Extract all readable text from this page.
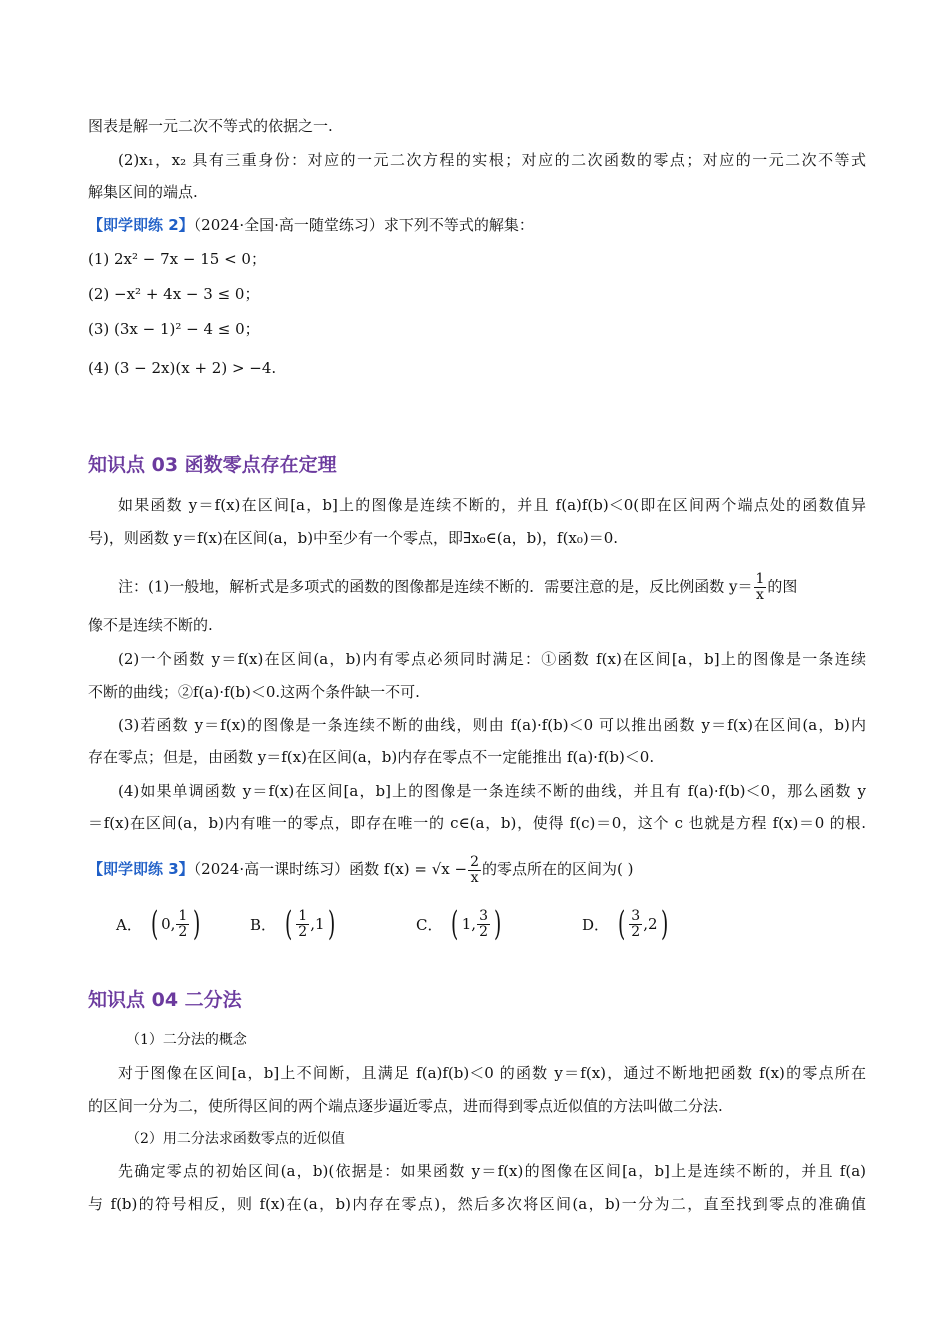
图表是解一元二次不等式的依据之一.
(2)x₁，x₂ 具有三重身份：对应的一元二次方程的实根；对应的二次函数的零点；对应的一元二次不等式
解集区间的端点.
【即学即练 2】（2024·全国·高一随堂练习）求下列不等式的解集：
(1) 2x² − 7x − 15 < 0；
(2) −x² + 4x − 3 ≤ 0；
(3) (3x − 1)² − 4 ≤ 0；
(4) (3 − 2x)(x + 2) > −4.
知识点 03 函数零点存在定理
如果函数 y＝f(x)在区间[a，b]上的图像是连续不断的，并且 f(a)f(b)＜0(即在区间两个端点处的函数值异
号)，则函数 y＝f(x)在区间(a，b)中至少有一个零点，即∃x₀∈(a，b)，f(x₀)＝0.
注：(1)一般地，解析式是多项式的函数的图像都是连续不断的．需要注意的是，反比例函数 $y= \frac{1}{x}$ 的图
像不是连续不断的.
(2)一个函数 y＝f(x)在区间(a，b)内有零点必须同时满足：①函数 f(x)在区间[a，b]上的图像是一条连续
不断的曲线；②f(a)·f(b)＜0.这两个条件缺一不可.
(3)若函数 y＝f(x)的图像是一条连续不断的曲线，则由 f(a)·f(b)＜0 可以推出函数 y＝f(x)在区间(a，b)内
存在零点；但是，由函数 y＝f(x)在区间(a，b)内存在零点不一定能推出 f(a)·f(b)＜0.
(4)如果单调函数 y＝f(x)在区间[a，b]上的图像是一条连续不断的曲线，并且有 f(a)·f(b)＜0，那么函数 y
＝f(x)在区间(a，b)内有唯一的零点，即存在唯一的 c∈(a，b)，使得 f(c)＝0，这个 c 也就是方程 f(x)＝0 的根.
【即学即练 3】（2024·高一课时练习）函数 $f(x) = √x - \frac{2}{x}$ 的零点所在的区间为( )
A． ( 0, $\frac{1}{2}$ )	B． ( $\frac{1}{2} ,1$ )	C． ( 1, $\frac{3}{2}$ )	D． ( $\frac{3}{2} ,2$ )
知识点 04 二分法
（1）二分法的概念
对于图像在区间[a，b]上不间断，且满足 f(a)f(b)＜0 的函数 y＝f(x)，通过不断地把函数 f(x)的零点所在
的区间一分为二，使所得区间的两个端点逐步逼近零点，进而得到零点近似值的方法叫做二分法.
（2）用二分法求函数零点的近似值
先确定零点的初始区间(a，b)(依据是：如果函数 y＝f(x)的图像在区间[a，b]上是连续不断的，并且 f(a)
与 f(b)的符号相反，则 f(x)在(a，b)内存在零点)，然后多次将区间(a，b)一分为二，直至找到零点的准确值
